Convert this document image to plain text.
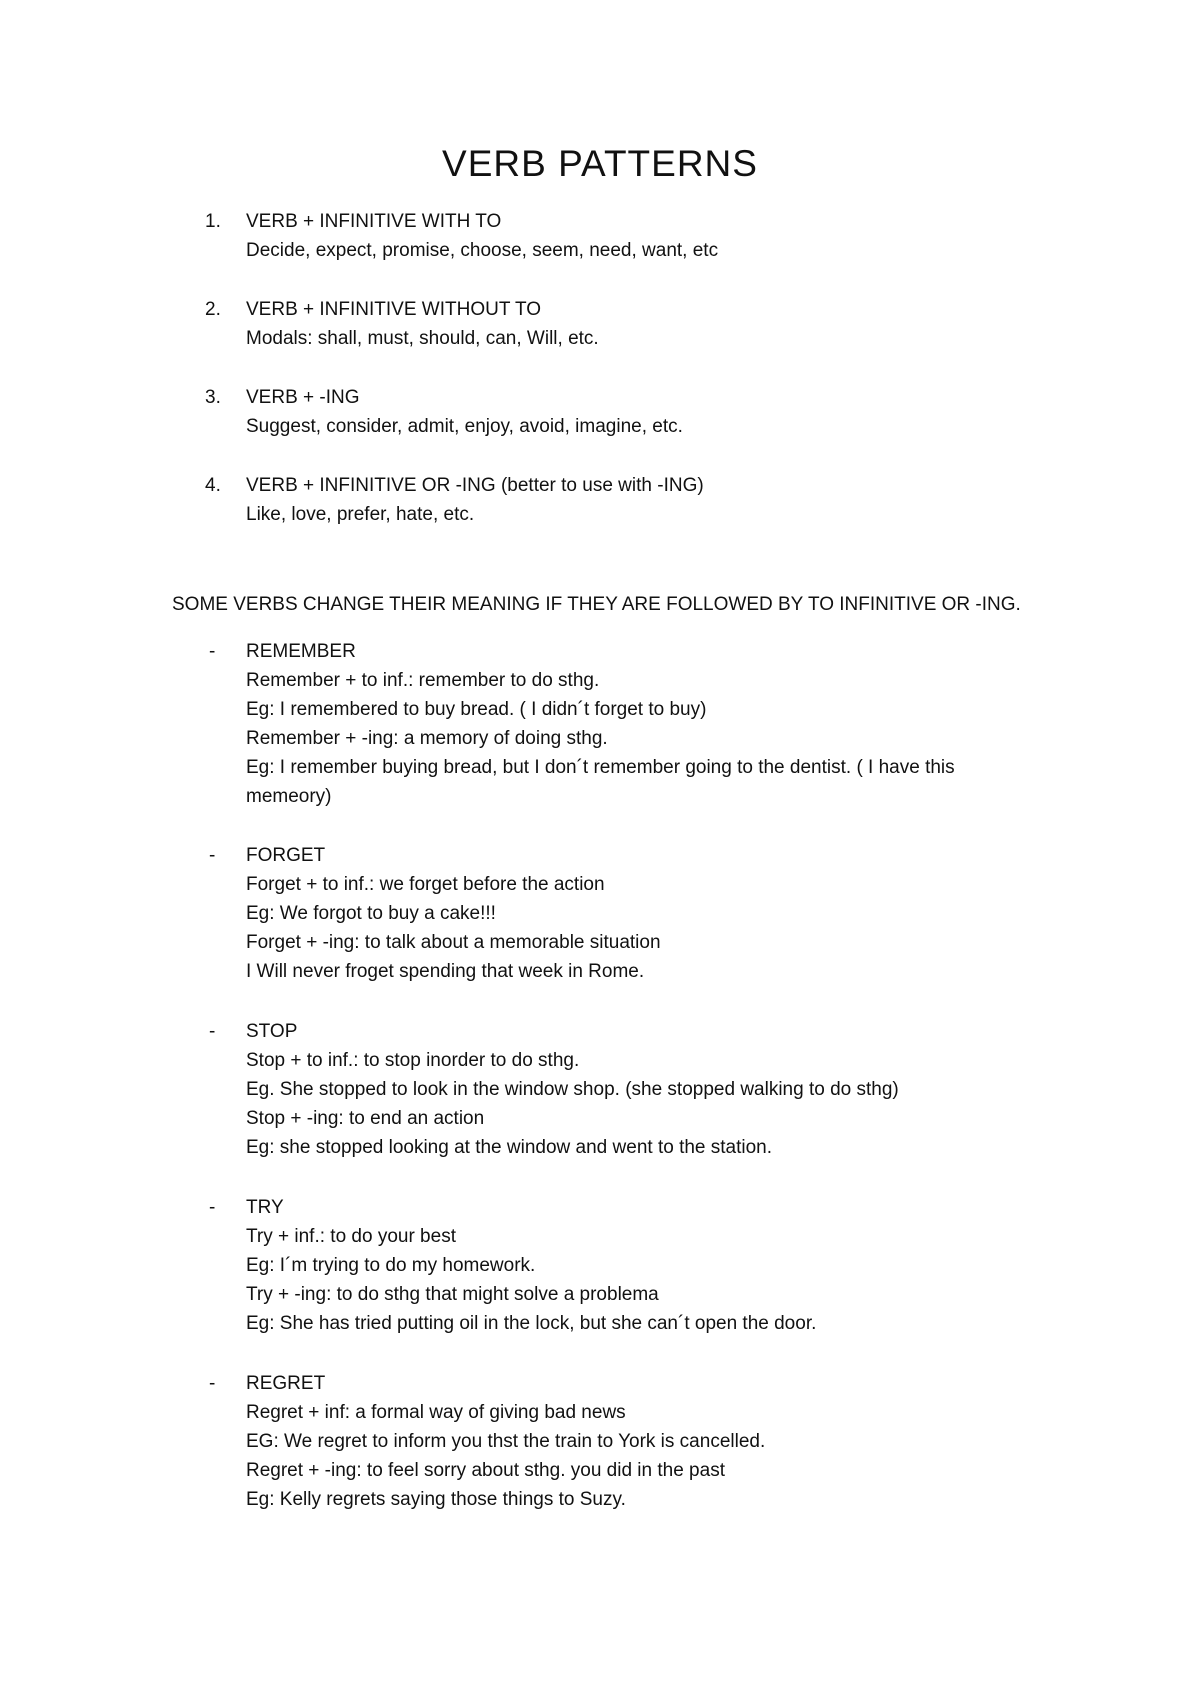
VERB PATTERNS
1. VERB + INFINITIVE WITH TO
Decide, expect, promise, choose, seem, need, want, etc
2. VERB + INFINITIVE WITHOUT TO
Modals: shall, must, should, can, Will, etc.
3. VERB + -ING
Suggest, consider, admit, enjoy, avoid, imagine, etc.
4. VERB + INFINITIVE OR -ING (better to use with -ING)
Like, love, prefer, hate, etc.
SOME VERBS CHANGE THEIR MEANING IF THEY ARE FOLLOWED BY TO INFINITIVE OR -ING.
- REMEMBER
Remember + to inf.: remember to do sthg.
Eg: I remembered to buy bread. ( I didn´t forget to buy)
Remember + -ing: a memory of doing sthg.
Eg: I remember buying bread, but I don´t remember going to the dentist. ( I have this
memeory)
- FORGET
Forget + to inf.: we forget before the action
Eg: We forgot to buy a cake!!!
Forget + -ing: to talk about a memorable situation
I Will never froget spending that week in Rome.
- STOP
Stop + to inf.: to stop inorder to do sthg.
Eg. She stopped to look in the window shop. (she stopped walking to do sthg)
Stop + -ing: to end an action
Eg: she stopped looking at the window and went to the station.
- TRY
Try + inf.: to do your best
Eg: I´m trying to do my homework.
Try + -ing: to do sthg that might solve a problema
Eg: She has tried putting oil in the lock, but she can´t open the door.
- REGRET
Regret + inf: a formal way of giving bad news
EG: We regret to inform you thst the train to York is cancelled.
Regret + -ing: to feel sorry about sthg. you did in the past
Eg: Kelly regrets saying those things to Suzy.
